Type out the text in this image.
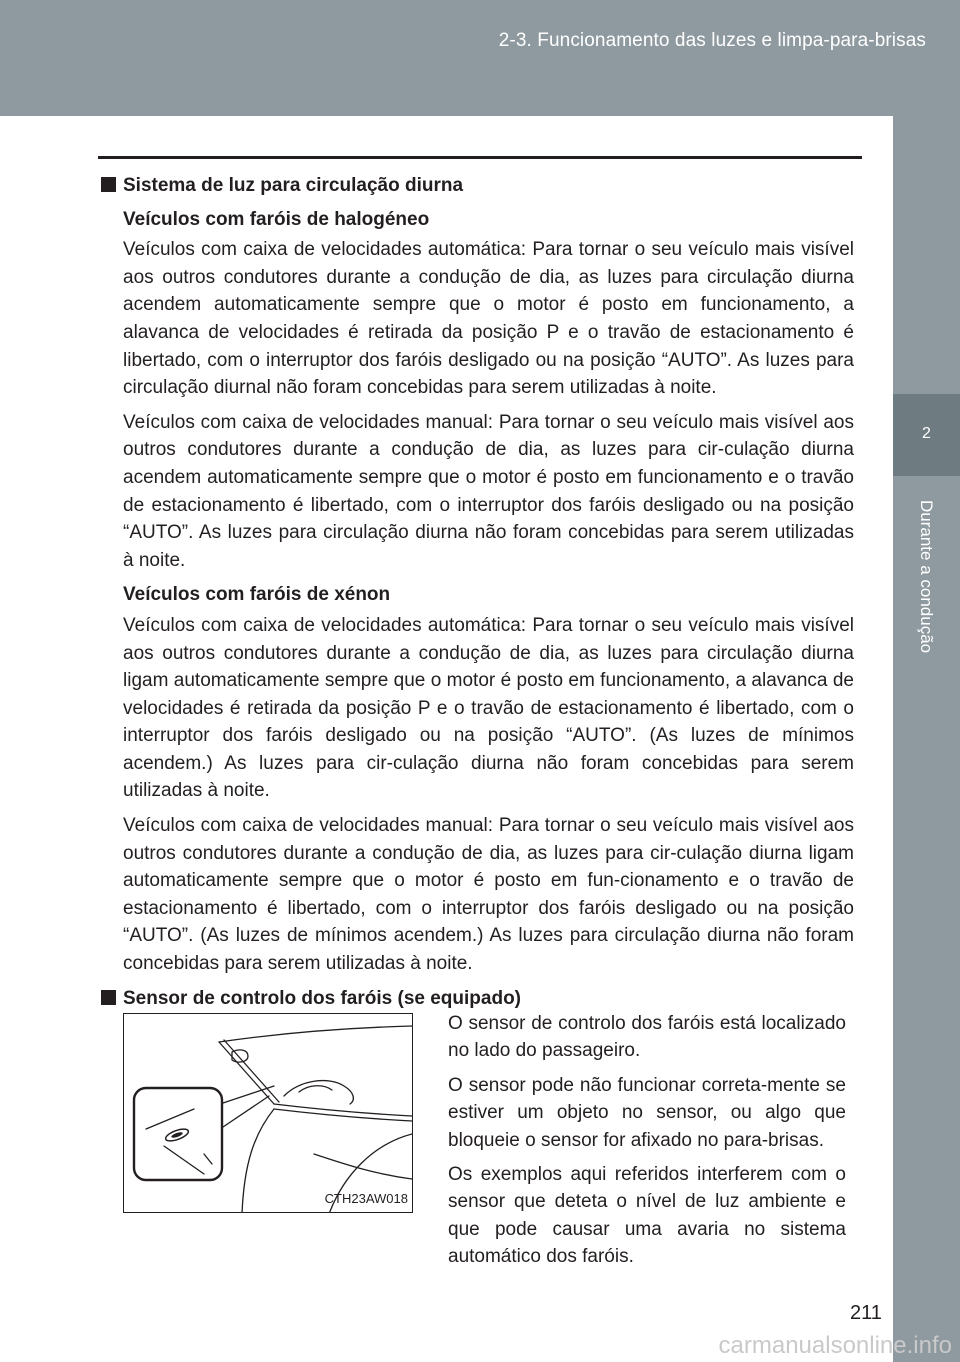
2-3. Funcionamento das luzes e limpa-para-brisas
2
Durante a condução
Sistema de luz para circulação diurna
Veículos com faróis de halogéneo

Veículos com caixa de velocidades automática: Para tornar o seu veículo mais visível aos outros condutores durante a condução de dia, as luzes para circulação diurna acendem automaticamente sempre que o motor é posto em funcionamento, a alavanca de velocidades é retirada da posição P e o travão de estacionamento é libertado, com o interruptor dos faróis desligado ou na posição “AUTO”. As luzes para circulação diurnal não foram concebidas para serem utilizadas à noite.

Veículos com caixa de velocidades manual: Para tornar o seu veículo mais visível aos outros condutores durante a condução de dia, as luzes para cir-culação diurna acendem automaticamente sempre que o motor é posto em funcionamento e o travão de estacionamento é libertado, com o interruptor dos faróis desligado ou na posição “AUTO”. As luzes para circulação diurna não foram concebidas para serem utilizadas à noite.

Veículos com faróis de xénon

Veículos com caixa de velocidades automática: Para tornar o seu veículo mais visível aos outros condutores durante a condução de dia, as luzes para circulação diurna ligam automaticamente sempre que o motor é posto em funcionamento, a alavanca de velocidades é retirada da posição P e o travão de estacionamento é libertado, com o interruptor dos faróis desligado ou na posição “AUTO”. (As luzes de mínimos acendem.) As luzes para cir-culação diurna não foram concebidas para serem utilizadas à noite.

Veículos com caixa de velocidades manual: Para tornar o seu veículo mais visível aos outros condutores durante a condução de dia, as luzes para cir-culação diurna ligam automaticamente sempre que o motor é posto em fun-cionamento e o travão de estacionamento é libertado, com o interruptor dos faróis desligado ou na posição “AUTO”. (As luzes de mínimos acendem.) As luzes para circulação diurna não foram concebidas para serem utilizadas à noite.

Sensor de controlo dos faróis (se equipado)
CTH23AW018

O sensor de controlo dos faróis está localizado no lado do passageiro.

O sensor pode não funcionar correta-mente se estiver um objeto no sensor, ou algo que bloqueie o sensor for afixado no para-brisas.

Os exemplos aqui referidos interferem com o sensor que deteta o nível de luz ambiente e que pode causar uma avaria no sistema automático dos faróis.

211
carmanualsonline.info
